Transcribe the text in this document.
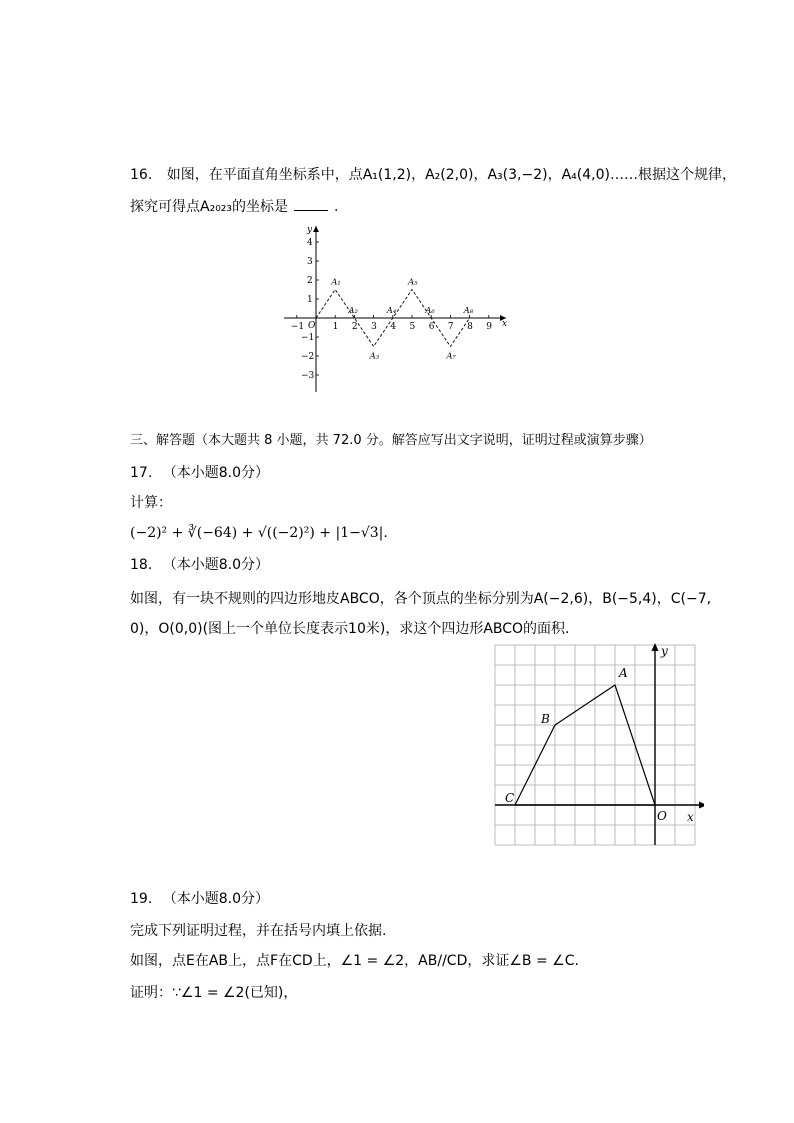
16. 如图，在平面直角坐标系中，点A₁(1,2)，A₂(2,0)，A₃(3,−2)，A₄(4,0)……根据这个规律，
探究可得点A₂₀₂₃的坐标是	.
x
y
O
−1	1 2 3 4 5 6 7 8 9
4
3
2
1
−1
−2
−3
A₁
A₂
A₃
A₄
A₅
A₆
A₇
A₈
三、解答题（本大题共 8 小题，共 72.0 分。解答应写出文字说明，证明过程或演算步骤）
17. （本小题8.0分）
计算：
(−2)² + ∛(−64) + √((−2)²) + |1−√3|.
18. （本小题8.0分）
如图，有一块不规则的四边形地皮ABCO，各个顶点的坐标分别为A(−2,6)，B(−5,4)，C(−7,
0)，O(0,0)(图上一个单位长度表示10米)，求这个四边形ABCO的面积.
x
y
A
B
C
O
19. （本小题8.0分）
完成下列证明过程，并在括号内填上依据.
如图，点E在AB上，点F在CD上，∠1 = ∠2，AB//CD，求证∠B = ∠C.
证明：∵∠1 = ∠2(已知)，
